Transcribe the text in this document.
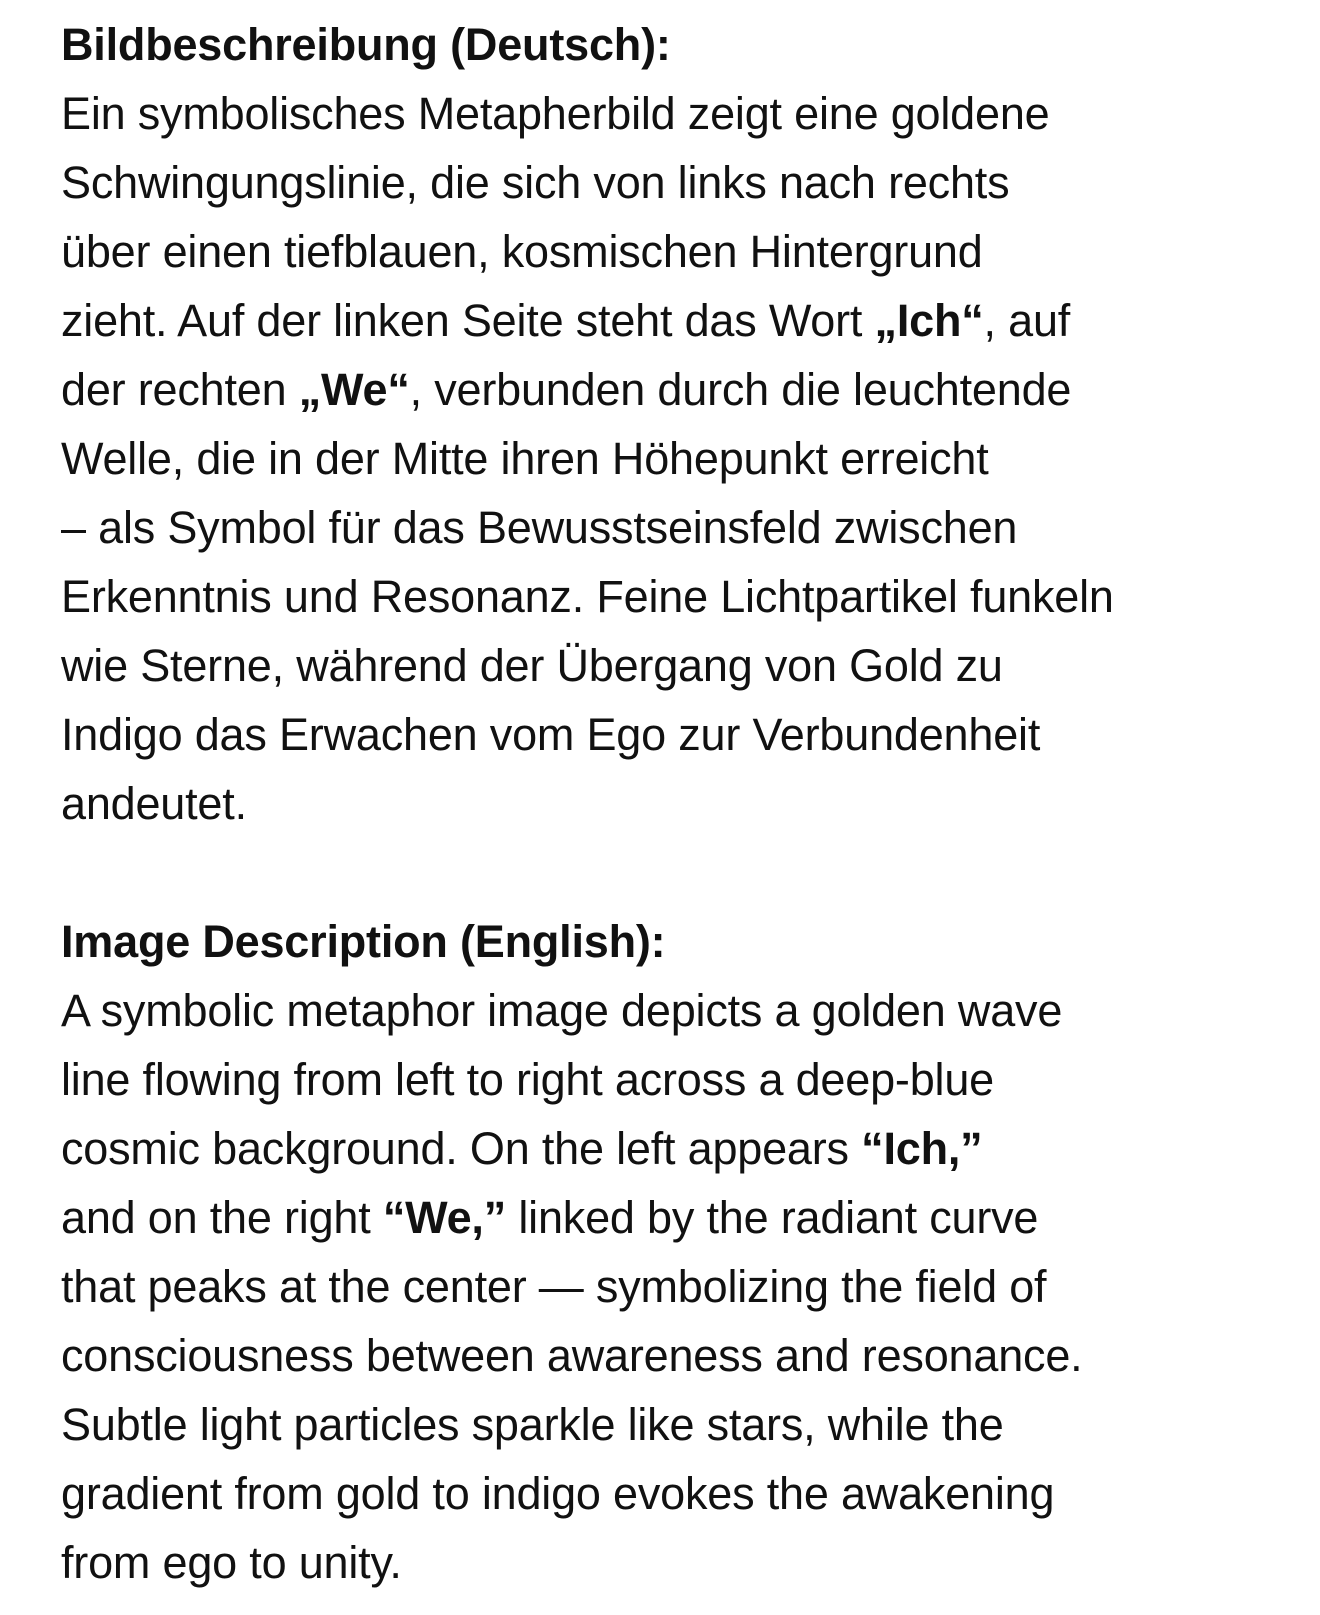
Bildbeschreibung (Deutsch):
Ein symbolisches Metapherbild zeigt eine goldene
Schwingungslinie, die sich von links nach rechts
über einen tiefblauen, kosmischen Hintergrund
zieht. Auf der linken Seite steht das Wort „Ich“, auf
der rechten „We“, verbunden durch die leuchtende
Welle, die in der Mitte ihren Höhepunkt erreicht
– als Symbol für das Bewusstseinsfeld zwischen
Erkenntnis und Resonanz. Feine Lichtpartikel funkeln
wie Sterne, während der Übergang von Gold zu
Indigo das Erwachen vom Ego zur Verbundenheit
andeutet.
Image Description (English):
A symbolic metaphor image depicts a golden wave
line flowing from left to right across a deep-blue
cosmic background. On the left appears “Ich,”
and on the right “We,” linked by the radiant curve
that peaks at the center — symbolizing the field of
consciousness between awareness and resonance.
Subtle light particles sparkle like stars, while the
gradient from gold to indigo evokes the awakening
from ego to unity.
